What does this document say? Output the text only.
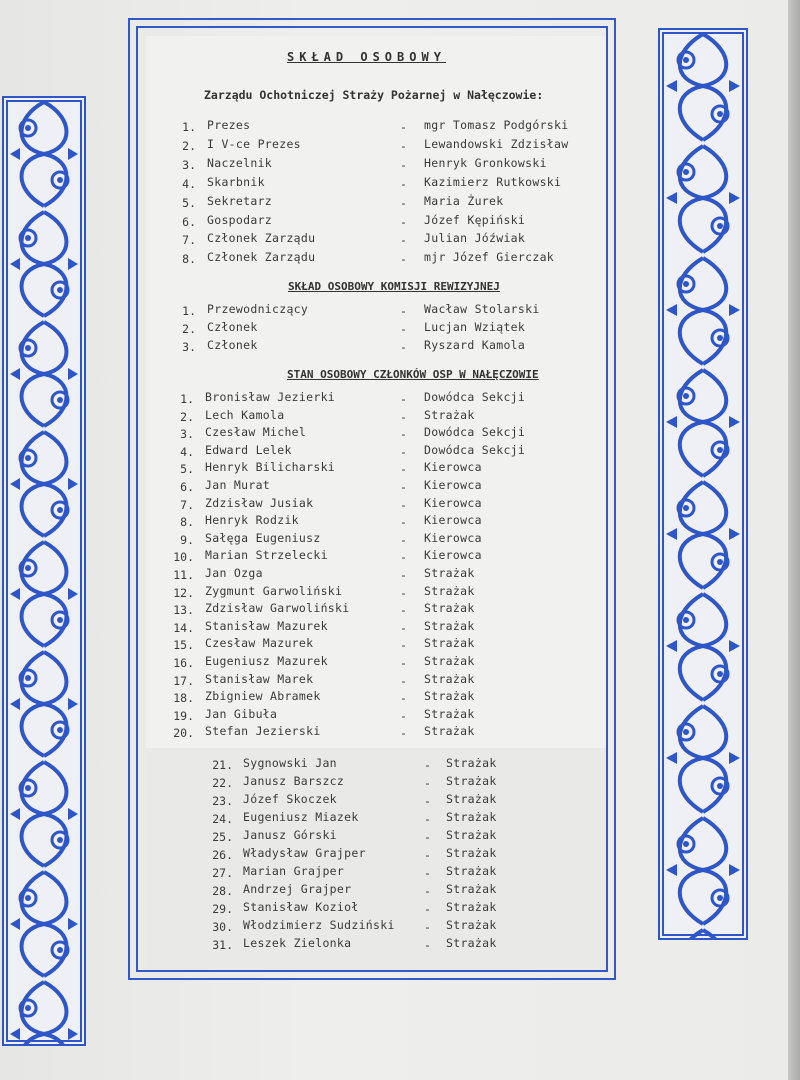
SKŁAD OSOBOWY
Zarządu Ochotniczej Straży Pożarnej w Nałęczowie:
1. Prezes	- mgr Tomasz Podgórski
2. I V-ce Prezes	- Lewandowski Zdzisław
3. Naczelnik	- Henryk Gronkowski
4. Skarbnik	- Kazimierz Rutkowski
5. Sekretarz	- Maria Żurek
6. Gospodarz	- Józef Kępiński
7. Członek Zarządu	- Julian Jóźwiak
8. Członek Zarządu	- mjr Józef Gierczak
SKŁAD OSOBOWY KOMISJI REWIZYJNEJ
1. Przewodniczący	- Wacław Stolarski
2. Członek	- Lucjan Wziątek
3. Członek	- Ryszard Kamola
STAN OSOBOWY CZŁONKÓW OSP W NAŁĘCZOWIE
1. Bronisław Jezierki	- Dowódca Sekcji
2. Lech Kamola	- Strażak
3. Czesław Michel	- Dowódca Sekcji
4. Edward Lelek	- Dowódca Sekcji
5. Henryk Bilicharski	- Kierowca
6. Jan Murat	- Kierowca
7. Zdzisław Jusiak	- Kierowca
8. Henryk Rodzik	- Kierowca
9. Sałęga Eugeniusz	- Kierowca
10. Marian Strzelecki	- Kierowca
11. Jan Ozga	- Strażak
12. Zygmunt Garwoliński	- Strażak
13. Zdzisław Garwoliński	- Strażak
14. Stanisław Mazurek	- Strażak
15. Czesław Mazurek	- Strażak
16. Eugeniusz Mazurek	- Strażak
17. Stanisław Marek	- Strażak
18. Zbigniew Abramek	- Strażak
19. Jan Gibuła	- Strażak
20. Stefan Jezierski	- Strażak
21. Sygnowski Jan	- Strażak
22. Janusz Barszcz	- Strażak
23. Józef Skoczek	- Strażak
24. Eugeniusz Miazek	- Strażak
25. Janusz Górski	- Strażak
26. Władysław Grajper	- Strażak
27. Marian Grajper	- Strażak
28. Andrzej Grajper	- Strażak
29. Stanisław Kozioł	- Strażak
30. Włodzimierz Sudziński	- Strażak
31. Leszek Zielonka	- Strażak
